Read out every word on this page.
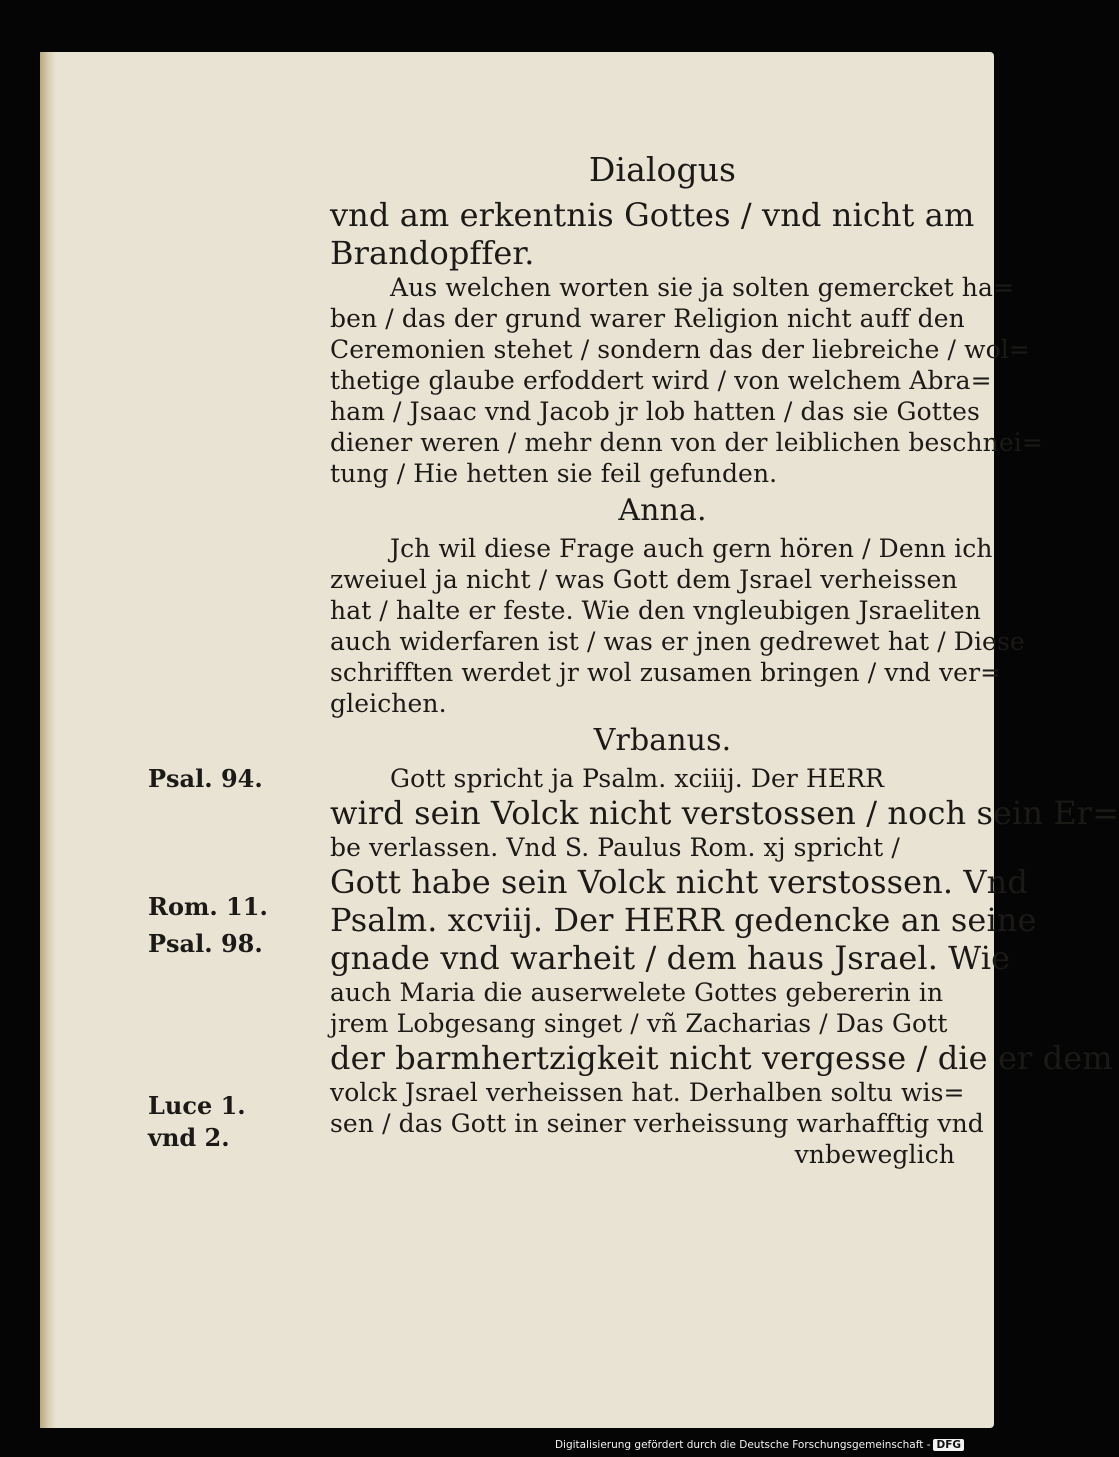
Dialogus
vnd am erkentnis Gottes / vnd nicht am
Brandopffer.
Aus welchen worten sie ja solten gemercket ha=
ben / das der grund warer Religion nicht auff den
Ceremonien stehet / sondern das der liebreiche / wol=
thetige glaube erfoddert wird / von welchem Abra=
ham / Jsaac vnd Jacob jr lob hatten / das sie Gottes
diener weren / mehr denn von der leiblichen beschnei=
tung / Hie hetten sie feil gefunden.
Anna.
Jch wil diese Frage auch gern hören / Denn ich
zweiuel ja nicht / was Gott dem Jsrael verheissen
hat / halte er feste. Wie den vngleubigen Jsraeliten
auch widerfaren ist / was er jnen gedrewet hat / Diese
schrifften werdet jr wol zusamen bringen / vnd ver=
gleichen.
Vrbanus.
Gott spricht ja Psalm. xciiij. Der HERR
wird sein Volck nicht verstossen / noch sein Er=
be verlassen. Vnd S. Paulus Rom. xj spricht /
Gott habe sein Volck nicht verstossen. Vnd
Psalm. xcviij. Der HERR gedencke an seine
gnade vnd warheit / dem haus Jsrael. Wie
auch Maria die auserwelete Gottes gebererin in
jrem Lobgesang singet / vñ Zacharias / Das Gott
der barmhertzigkeit nicht vergesse / die er dem
volck Jsrael verheissen hat. Derhalben soltu wis=
sen / das Gott in seiner verheissung warhafftig vnd
vnbeweglich
Psal. 94.
Rom. 11.
Psal. 98.
Luce 1.
vnd 2.
Digitalisierung gefördert durch die Deutsche Forschungsgemeinschaft - DFG
